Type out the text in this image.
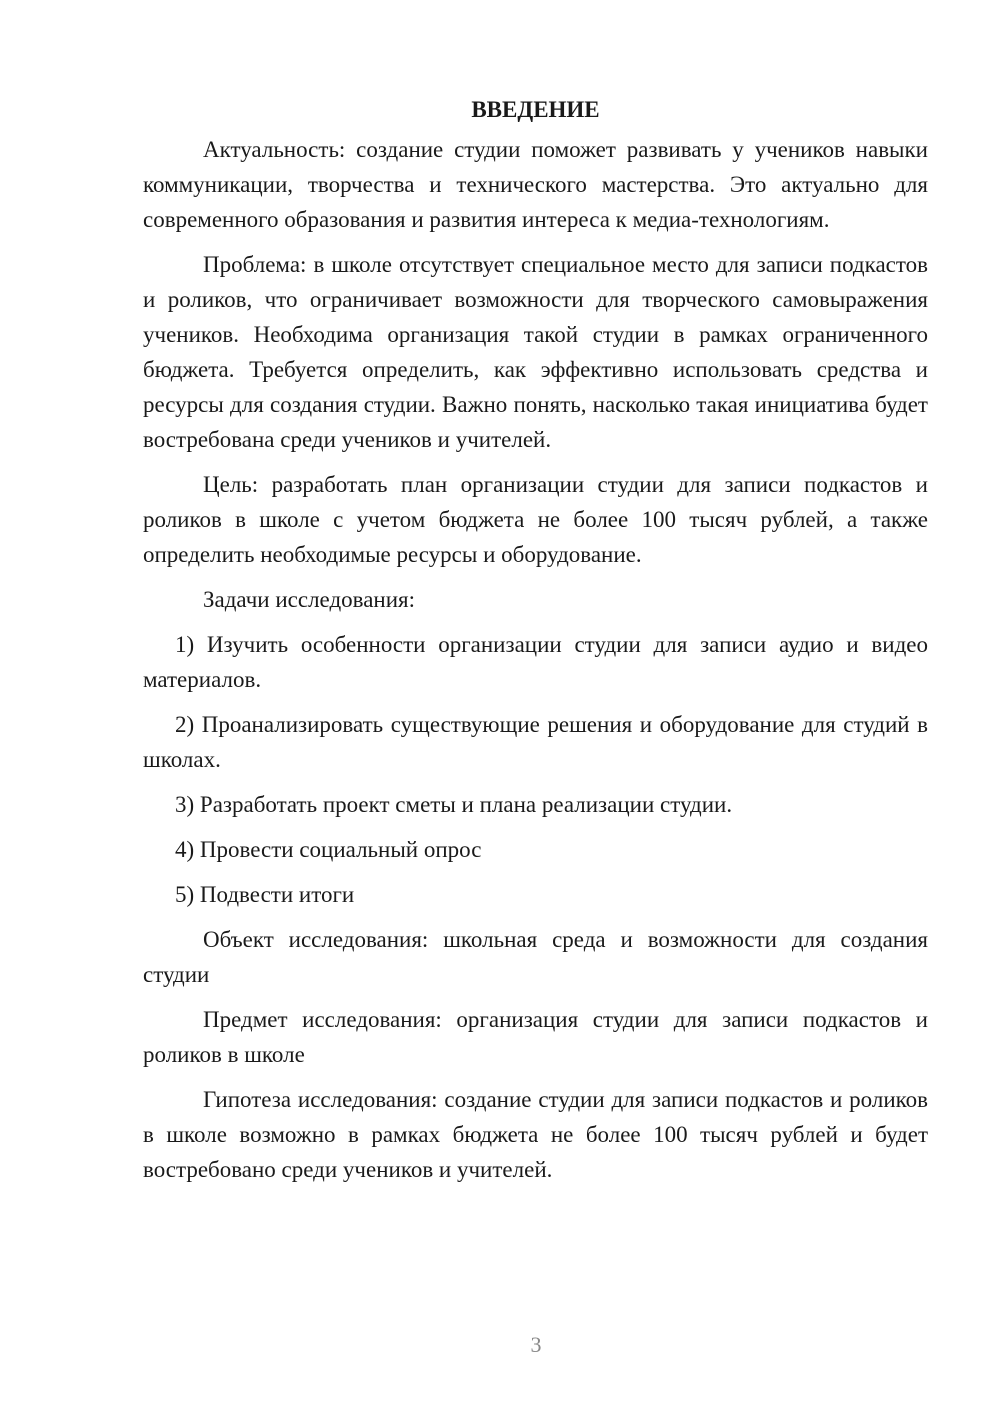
ВВЕДЕНИЕ

Актуальность: создание студии поможет развивать у учеников навыки коммуникации, творчества и технического мастерства. Это актуально для современного образования и развития интереса к медиа-технологиям.

Проблема: в школе отсутствует специальное место для записи подкастов и роликов, что ограничивает возможности для творческого самовыражения учеников. Необходима организация такой студии в рамках ограниченного бюджета. Требуется определить, как эффективно использовать средства и ресурсы для создания студии. Важно понять, насколько такая инициатива будет востребована среди учеников и учителей.

Цель: разработать план организации студии для записи подкастов и роликов в школе с учетом бюджета не более 100 тысяч рублей, а также определить необходимые ресурсы и оборудование.

Задачи исследования:

1) Изучить особенности организации студии для записи аудио и видео материалов.

2) Проанализировать существующие решения и оборудование для студий в школах.

3) Разработать проект сметы и плана реализации студии.

4) Провести социальный опрос

5) Подвести итоги

Объект исследования: школьная среда и возможности для создания студии

Предмет исследования: организация студии для записи подкастов и роликов в школе

Гипотеза исследования: создание студии для записи подкастов и роликов в школе возможно в рамках бюджета не более 100 тысяч рублей и будет востребовано среди учеников и учителей.

3
